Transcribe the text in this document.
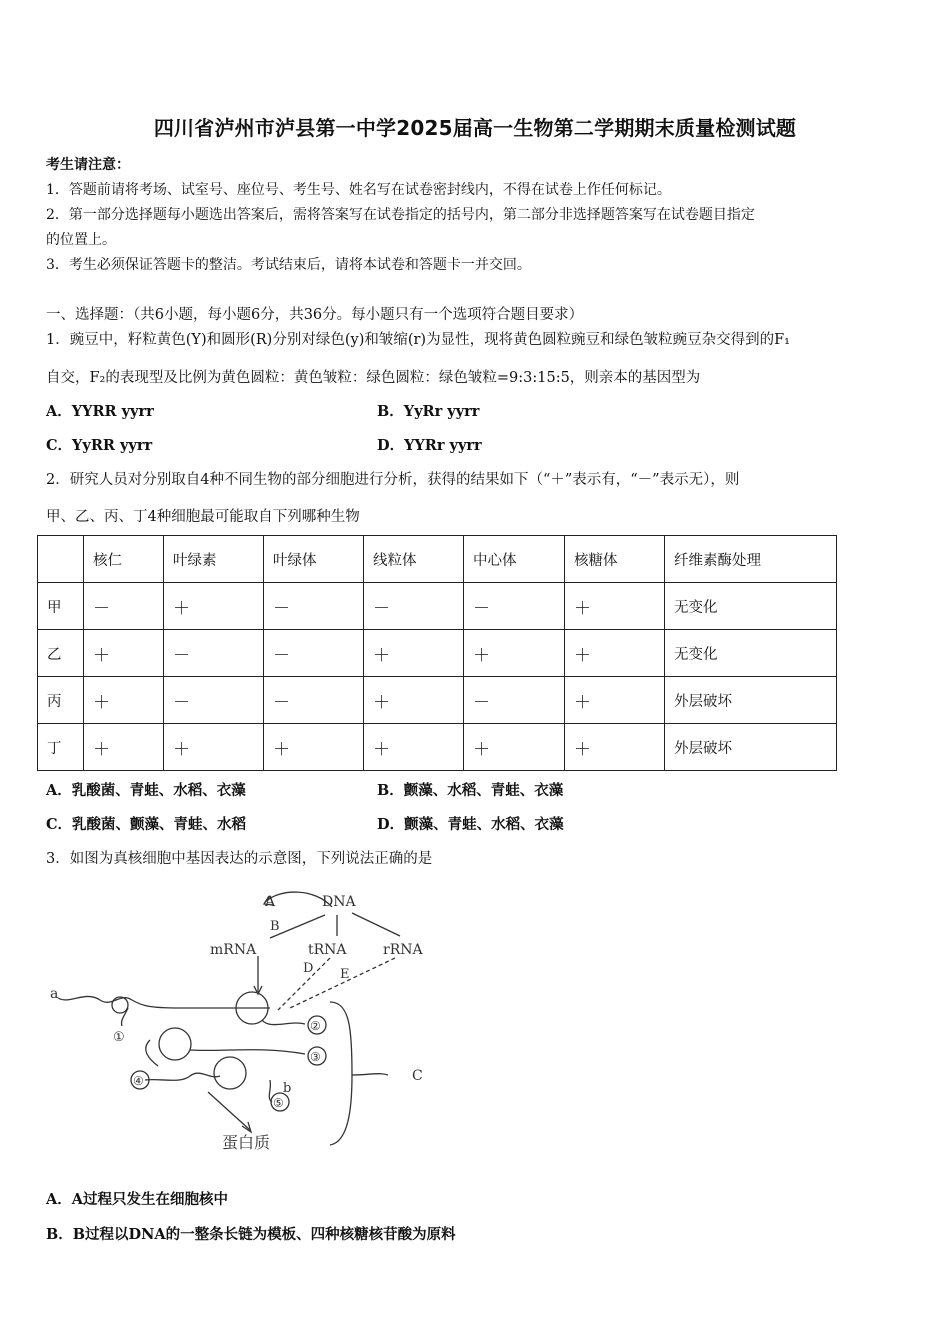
四川省泸州市泸县第一中学2025届高一生物第二学期期末质量检测试题
考生请注意：
1．答题前请将考场、试室号、座位号、考生号、姓名写在试卷密封线内，不得在试卷上作任何标记。
2．第一部分选择题每小题选出答案后，需将答案写在试卷指定的括号内，第二部分非选择题答案写在试卷题目指定
的位置上。
3．考生必须保证答题卡的整洁。考试结束后，请将本试卷和答题卡一并交回。
一、选择题：（共6小题，每小题6分，共36分。每小题只有一个选项符合题目要求）
1．豌豆中，籽粒黄色(Y)和圆形(R)分别对绿色(y)和皱缩(r)为显性，现将黄色圆粒豌豆和绿色皱粒豌豆杂交得到的F₁
自交，F₂的表现型及比例为黄色圆粒：黄色皱粒：绿色圆粒：绿色皱粒=9:3:15:5，则亲本的基因型为
A．YYRR yyrr	B．YyRr yyrr
C．YyRR yyrr	D．YYRr yyrr
2．研究人员对分别取自4种不同生物的部分细胞进行分析，获得的结果如下（“＋”表示有，“－”表示无），则
甲、乙、丙、丁4种细胞最可能取自下列哪种生物
	核仁	叶绿素	叶绿体	线粒体	中心体	核糖体	纤维素酶处理
甲	－	＋	－	－	－	＋	无变化
乙	＋	－	－	＋	＋	＋	无变化
丙	＋	－	－	＋	－	＋	外层破坏
丁	＋	＋	＋	＋	＋	＋	外层破坏
A．乳酸菌、青蛙、水稻、衣藻	B．颤藻、水稻、青蛙、衣藻
C．乳酸菌、颤藻、青蛙、水稻	D．颤藻、青蛙、水稻、衣藻
3．如图为真核细胞中基因表达的示意图，下列说法正确的是
A	DNA
B
mRNA	tRNA	rRNA
D E
a
b
C
①
②
③
④
⑤
蛋白质
A．A过程只发生在细胞核中
B．B过程以DNA的一整条长链为模板、四种核糖核苷酸为原料
